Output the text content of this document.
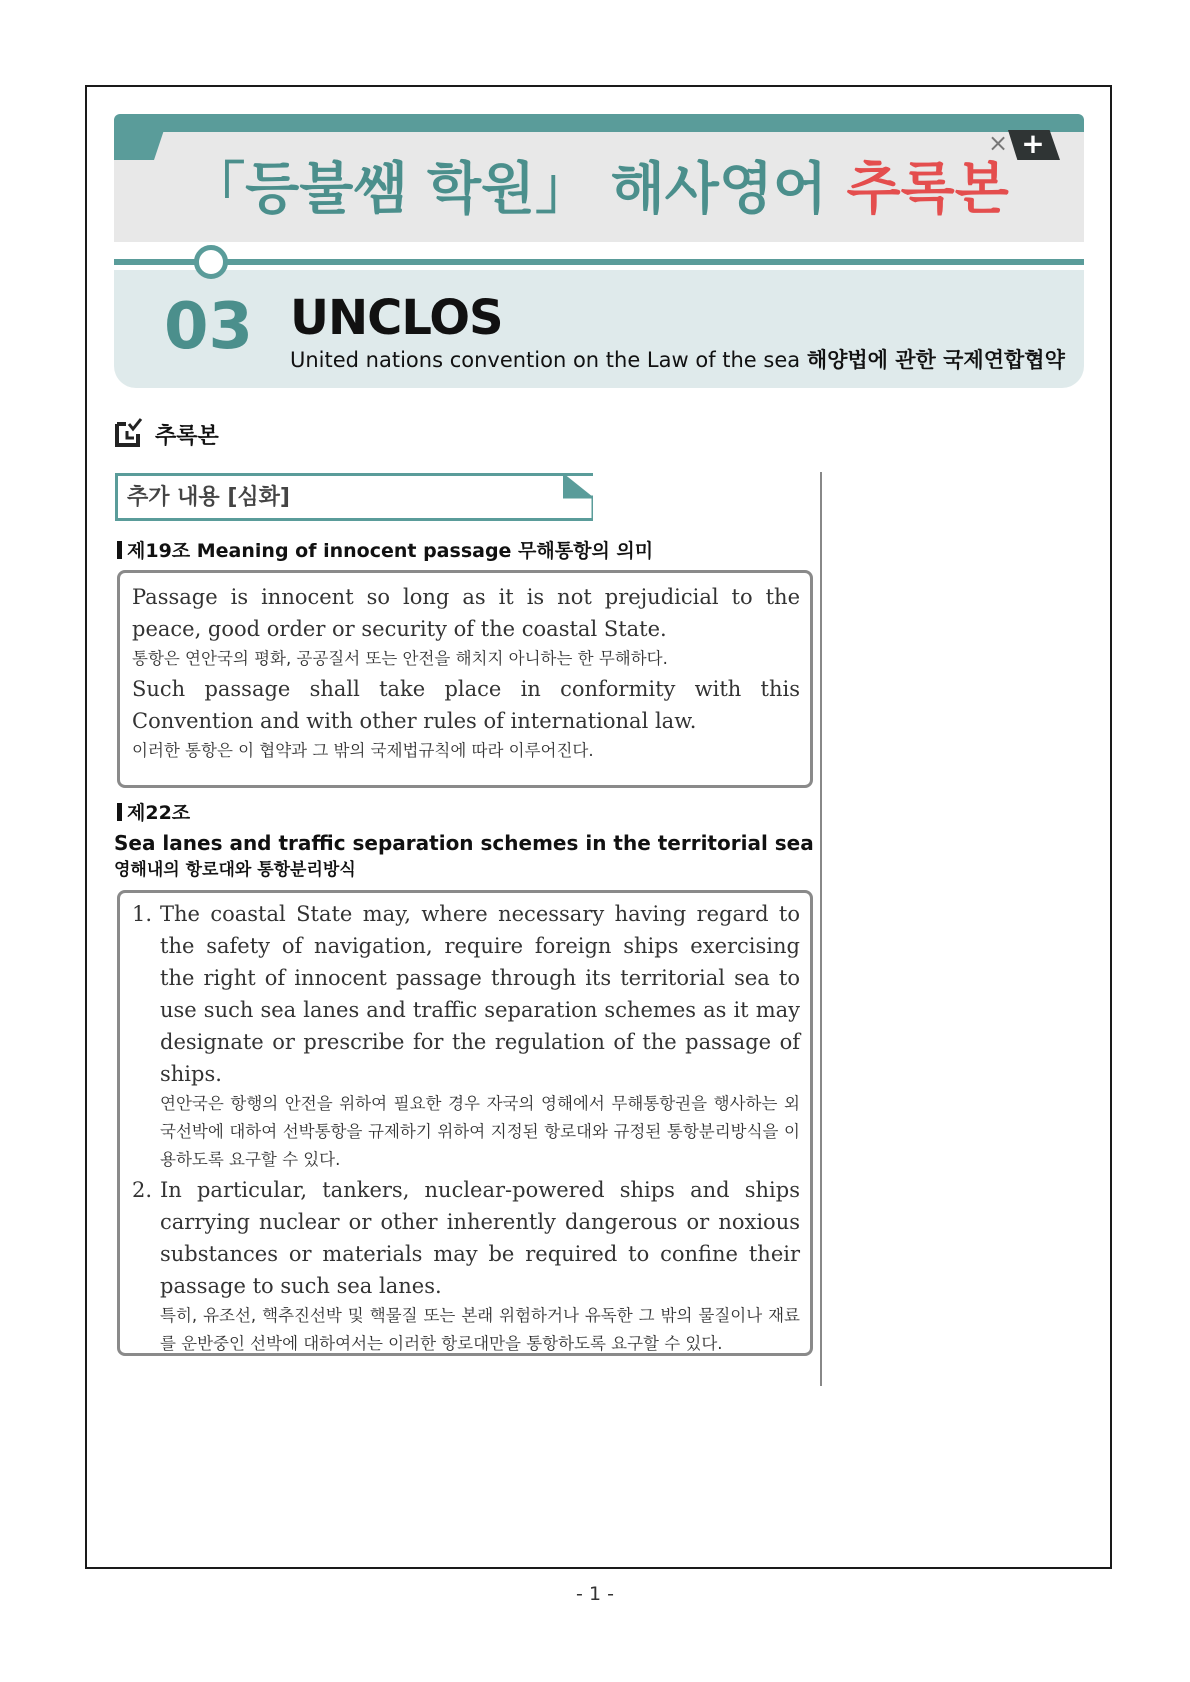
× +
「등불쌤 학원」 해사영어 추록본
03 UNCLOS
United nations convention on the Law of the sea 해양법에 관한 국제연합협약
추록본
추가 내용 [심화]
제19조 Meaning of innocent passage 무해통항의 의미
Passage is innocent so long as it is not prejudicial to the peace, good order or security of the coastal State.
통항은 연안국의 평화, 공공질서 또는 안전을 해치지 아니하는 한 무해하다.
Such passage shall take place in conformity with this Convention and with other rules of international law.
이러한 통항은 이 협약과 그 밖의 국제법규칙에 따라 이루어진다.
제22조
Sea lanes and traffic separation schemes in the territorial sea
영해내의 항로대와 통항분리방식
1. The coastal State may, where necessary having regard to the safety of navigation, require foreign ships exercising the right of innocent passage through its territorial sea to use such sea lanes and traffic separation schemes as it may designate or prescribe for the regulation of the passage of ships.
연안국은 항행의 안전을 위하여 필요한 경우 자국의 영해에서 무해통항권을 행사하는 외국선박에 대하여 선박통항을 규제하기 위하여 지정된 항로대와 규정된 통항분리방식을 이용하도록 요구할 수 있다.
2. In particular, tankers, nuclear-powered ships and ships carrying nuclear or other inherently dangerous or noxious substances or materials may be required to confine their passage to such sea lanes.
특히, 유조선, 핵추진선박 및 핵물질 또는 본래 위험하거나 유독한 그 밖의 물질이나 재료를 운반중인 선박에 대하여서는 이러한 항로대만을 통항하도록 요구할 수 있다.
- 1 -
